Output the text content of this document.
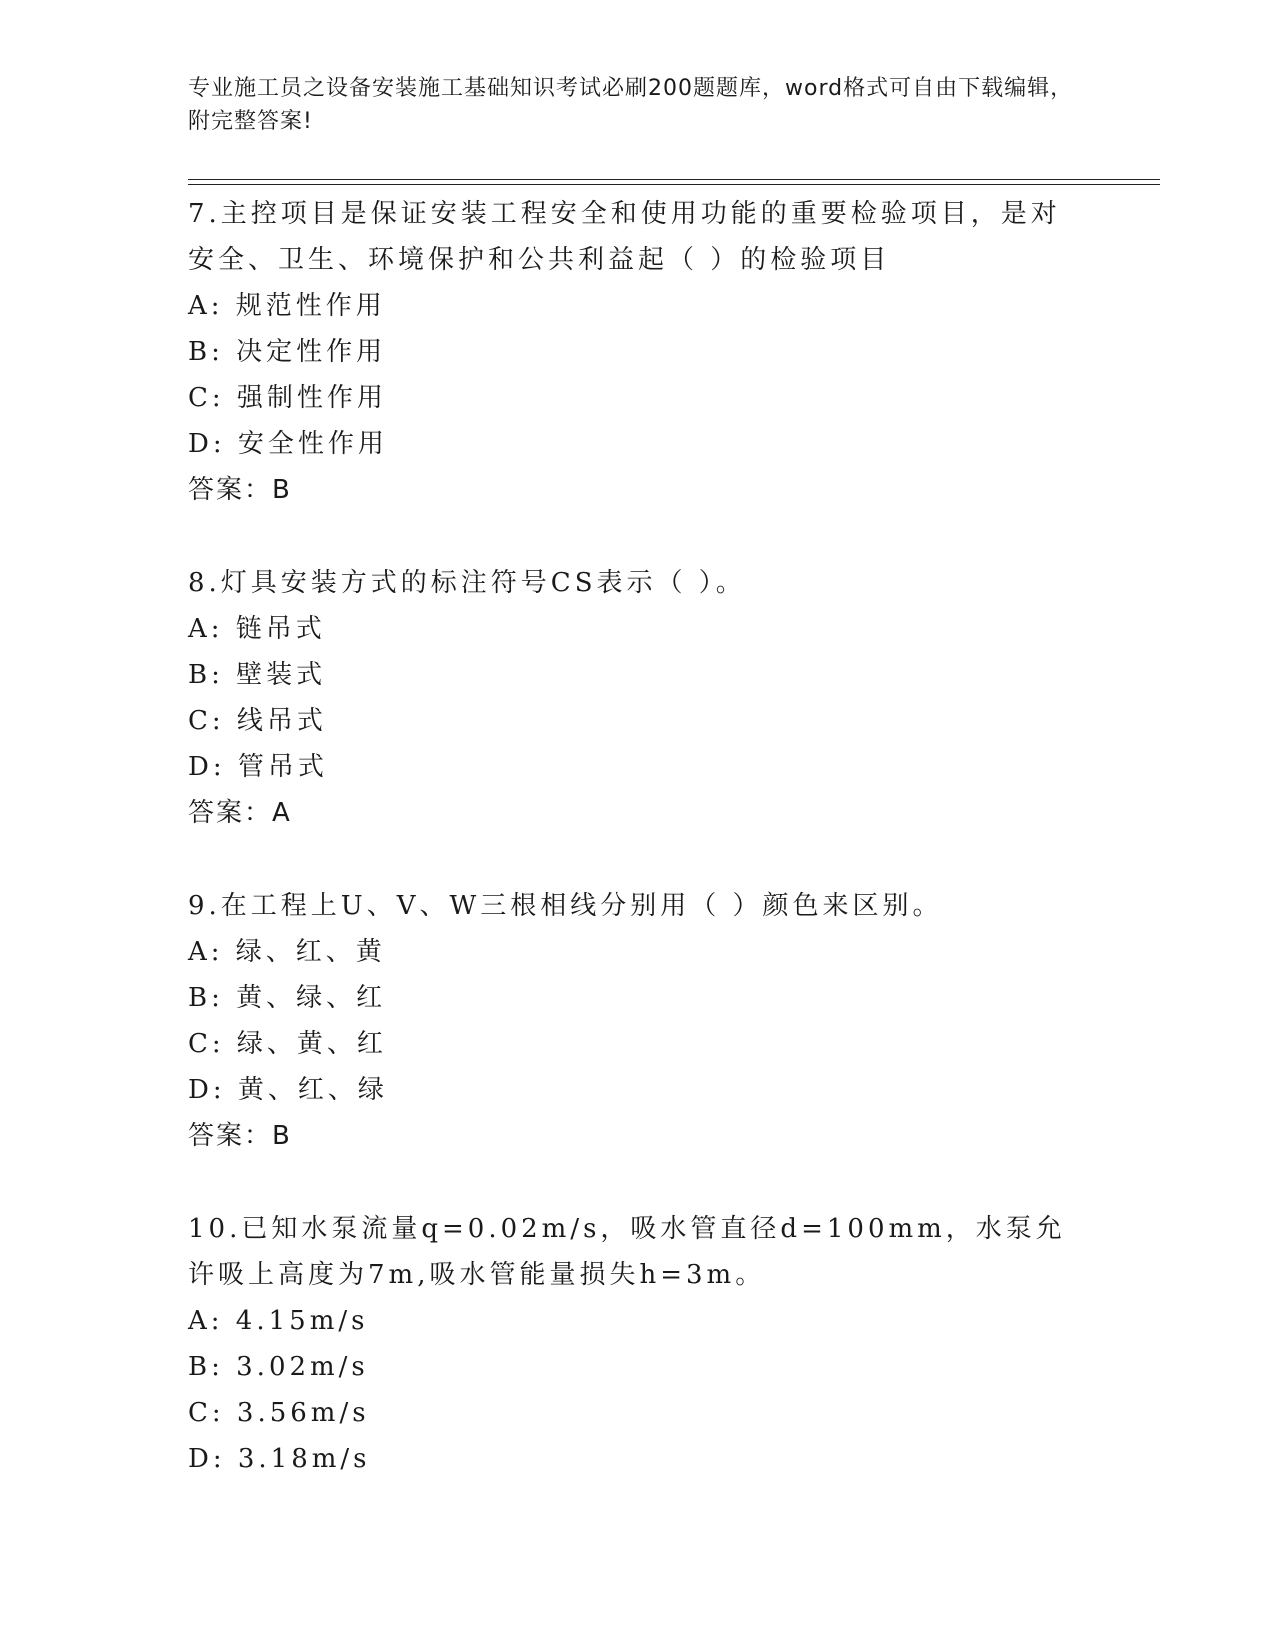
专业施工员之设备安装施工基础知识考试必刷200题题库，word格式可自由下载编辑，附完整答案!
7.主控项目是保证安装工程安全和使用功能的重要检验项目，是对安全、卫生、环境保护和公共利益起（ ）的检验项目
A: 规范性作用
B: 决定性作用
C: 强制性作用
D: 安全性作用
答案：B
8.灯具安装方式的标注符号CS表示（ ）。
A: 链吊式
B: 壁装式
C: 线吊式
D: 管吊式
答案：A
9.在工程上U、V、W三根相线分别用（ ）颜色来区别。
A: 绿、红、黄
B: 黄、绿、红
C: 绿、黄、红
D: 黄、红、绿
答案：B
10.已知水泵流量q=0.02m/s，吸水管直径d=100mm，水泵允许吸上高度为7m,吸水管能量损失h=3m。
A: 4.15m/s
B: 3.02m/s
C: 3.56m/s
D: 3.18m/s
